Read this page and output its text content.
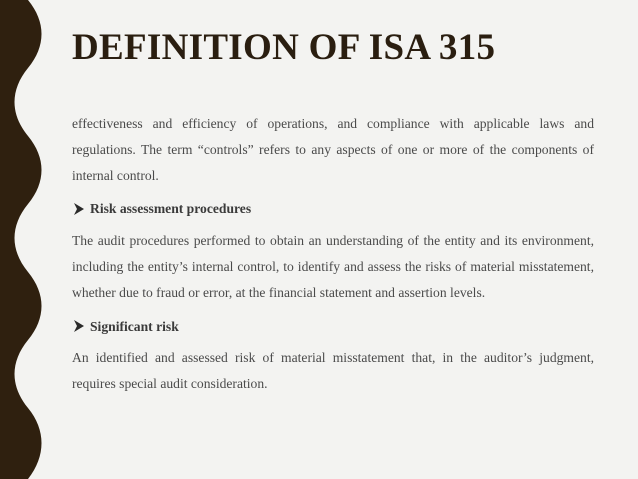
DEFINITION OF ISA 315

effectiveness and efficiency of operations, and compliance with applicable laws and regulations. The term “controls” refers to any aspects of one or more of the components of internal control.

Risk assessment procedures

The audit procedures performed to obtain an understanding of the entity and its environment, including the entity’s internal control, to identify and assess the risks of material misstatement, whether due to fraud or error, at the financial statement and assertion levels.

Significant risk

An identified and assessed risk of material misstatement that, in the auditor’s judgment, requires special audit consideration.
